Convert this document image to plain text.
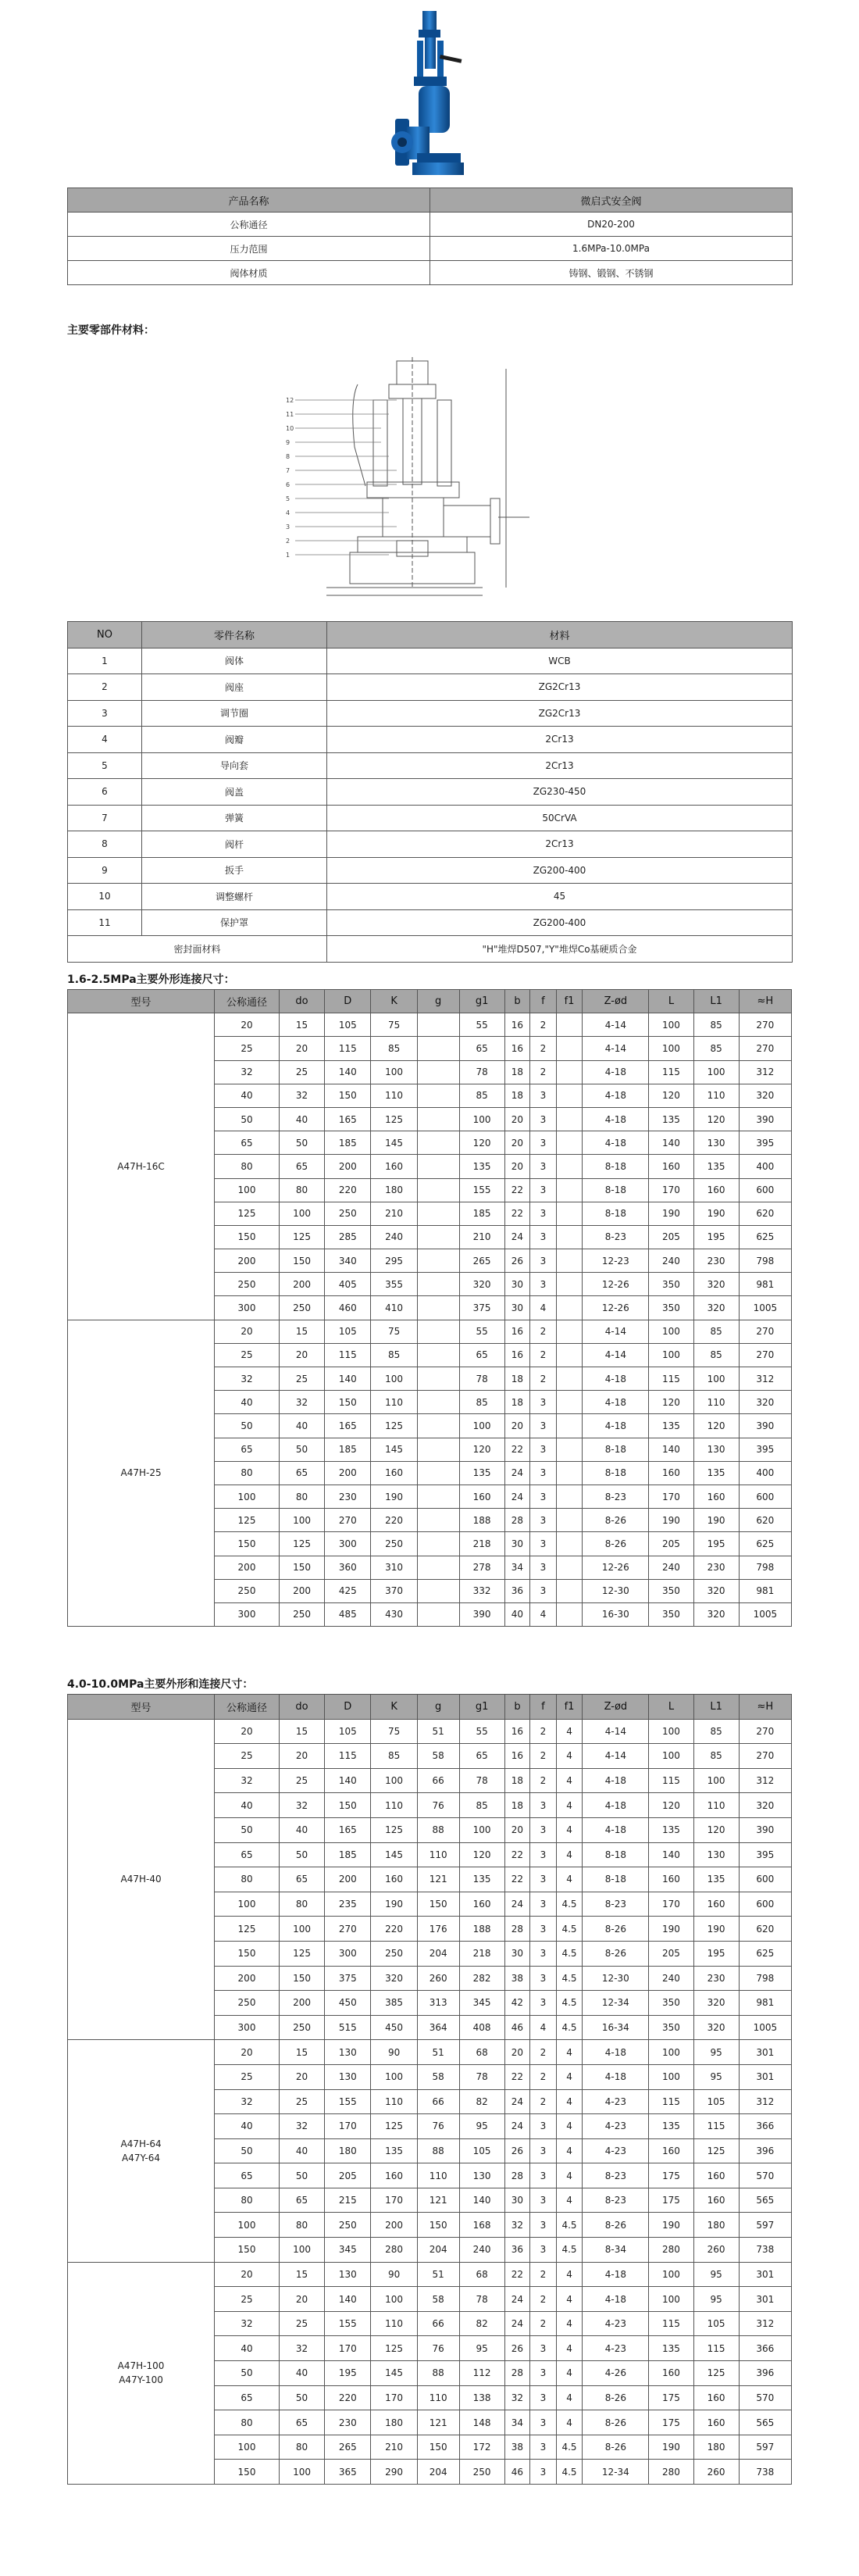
产品名称	微启式安全阀
公称通径	DN20-200
压力范围	1.6MPa-10.0MPa
阀体材质	铸钢、锻钢、不锈钢
主要零部件材料：
12
11
10
9
8
7
6
5
4
3
2
1
NO	零件名称	材料
1	阀体	WCB
2	阀座	ZG2Cr13
3	调节圈	ZG2Cr13
4	阀瓣	2Cr13
5	导向套	2Cr13
6	阀盖	ZG230-450
7	弹簧	50CrVA
8	阀杆	2Cr13
9	扳手	ZG200-400
10	调整螺杆	45
11	保护罩	ZG200-400
密封面材料		"H"堆焊D507,"Y"堆焊Co基硬质合金
1.6-2.5MPa主要外形连接尺寸：
型号	公称通径	do	D	K	g	g1	b	f	f1	Z-ød	L	L1	≈H
A47H-16C	20	15	105	75		55	16	2		4-14	100	85	270
	25	20	115	85		65	16	2		4-14	100	85	270
	32	25	140	100		78	18	2		4-18	115	100	312
	40	32	150	110		85	18	3		4-18	120	110	320
	50	40	165	125		100	20	3		4-18	135	120	390
	65	50	185	145		120	20	3		4-18	140	130	395
	80	65	200	160		135	20	3		8-18	160	135	400
	100	80	220	180		155	22	3		8-18	170	160	600
	125	100	250	210		185	22	3		8-18	190	190	620
	150	125	285	240		210	24	3		8-23	205	195	625
	200	150	340	295		265	26	3		12-23	240	230	798
	250	200	405	355		320	30	3		12-26	350	320	981
	300	250	460	410		375	30	4		12-26	350	320	1005
A47H-25	20	15	105	75		55	16	2		4-14	100	85	270
	25	20	115	85		65	16	2		4-14	100	85	270
	32	25	140	100		78	18	2		4-18	115	100	312
	40	32	150	110		85	18	3		4-18	120	110	320
	50	40	165	125		100	20	3		4-18	135	120	390
	65	50	185	145		120	22	3		8-18	140	130	395
	80	65	200	160		135	24	3		8-18	160	135	400
	100	80	230	190		160	24	3		8-23	170	160	600
	125	100	270	220		188	28	3		8-26	190	190	620
	150	125	300	250		218	30	3		8-26	205	195	625
	200	150	360	310		278	34	3		12-26	240	230	798
	250	200	425	370		332	36	3		12-30	350	320	981
	300	250	485	430		390	40	4		16-30	350	320	1005
4.0-10.0MPa主要外形和连接尺寸：
型号	公称通径	do	D	K	g	g1	b	f	f1	Z-ød	L	L1	≈H

A47H-40	20	15	105	75	51	55	16	2	4	4-14	100	85	270
	25	20	115	85	58	65	16	2	4	4-14	100	85	270
	32	25	140	100	66	78	18	2	4	4-18	115	100	312
	40	32	150	110	76	85	18	3	4	4-18	120	110	320
	50	40	165	125	88	100	20	3	4	4-18	135	120	390
	65	50	185	145	110	120	22	3	4	8-18	140	130	395
	80	65	200	160	121	135	22	3	4	8-18	160	135	600
	100	80	235	190	150	160	24	3	4.5	8-23	170	160	600
	125	100	270	220	176	188	28	3	4.5	8-26	190	190	620
	150	125	300	250	204	218	30	3	4.5	8-26	205	195	625
	200	150	375	320	260	282	38	3	4.5	12-30	240	230	798
	250	200	450	385	313	345	42	3	4.5	12-34	350	320	981
	300	250	515	450	364	408	46	4	4.5	16-34	350	320	1005

A47H-64
A47Y-64	20	15	130	90	51	68	20	2	4	4-18	100	95	301
	25	20	130	100	58	78	22	2	4	4-18	100	95	301
	32	25	155	110	66	82	24	2	4	4-23	115	105	312
	40	32	170	125	76	95	24	3	4	4-23	135	115	366
	50	40	180	135	88	105	26	3	4	4-23	160	125	396
	65	50	205	160	110	130	28	3	4	8-23	175	160	570
	80	65	215	170	121	140	30	3	4	8-23	175	160	565
	100	80	250	200	150	168	32	3	4.5	8-26	190	180	597
	150	100	345	280	204	240	36	3	4.5	8-34	280	260	738

A47H-100
A47Y-100	20	15	130	90	51	68	22	2	4	4-18	100	95	301
	25	20	140	100	58	78	24	2	4	4-18	100	95	301
	32	25	155	110	66	82	24	2	4	4-23	115	105	312
	40	32	170	125	76	95	26	3	4	4-23	135	115	366
	50	40	195	145	88	112	28	3	4	4-26	160	125	396
	65	50	220	170	110	138	32	3	4	8-26	175	160	570
	80	65	230	180	121	148	34	3	4	8-26	175	160	565
	100	80	265	210	150	172	38	3	4.5	8-26	190	180	597
	150	100	365	290	204	250	46	3	4.5	12-34	280	260	738
